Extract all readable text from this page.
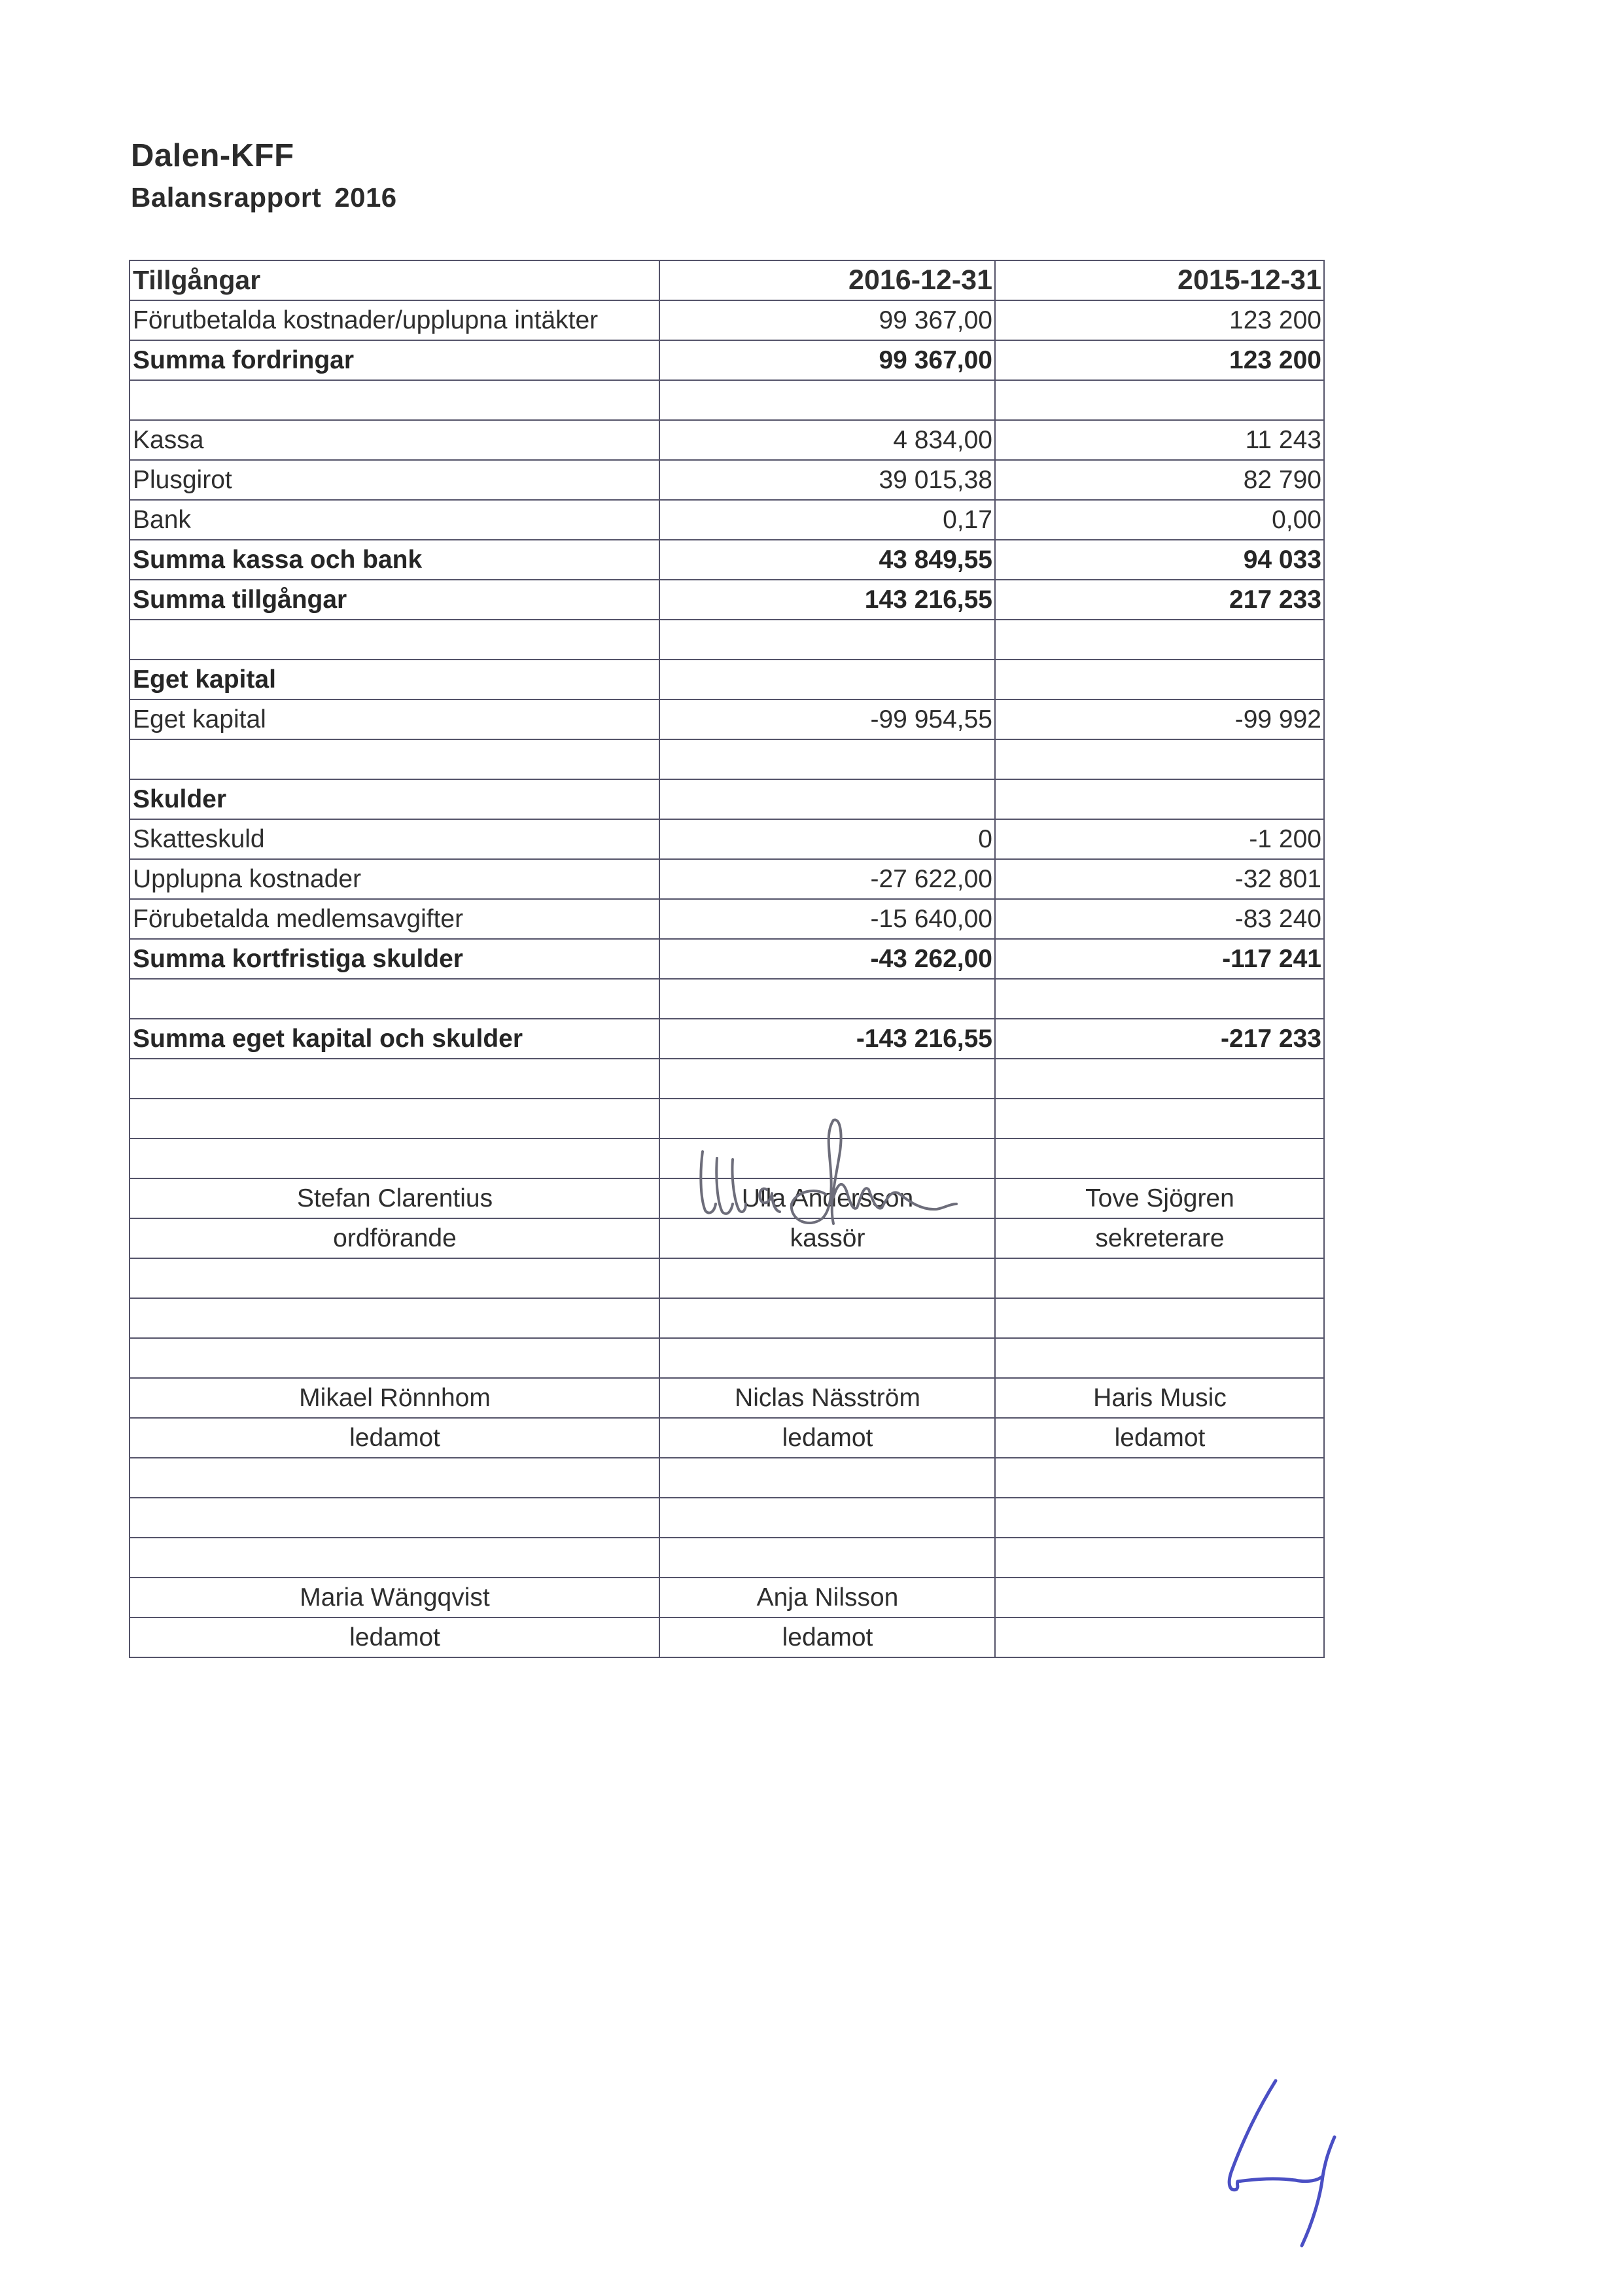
Dalen-KFF
Balansrapport 2016
Tillgångar	2016-12-31	2015-12-31
Förutbetalda kostnader/upplupna intäkter	99 367,00	123 200
Summa fordringar	99 367,00	123 200

Kassa	4 834,00	11 243
Plusgirot	39 015,38	82 790
Bank	0,17	0,00
Summa kassa och bank	43 849,55	94 033
Summa tillgångar	143 216,55	217 233

Eget kapital		
Eget kapital	-99 954,55	-99 992

Skulder		
Skatteskuld	0	-1 200
Upplupna kostnader	-27 622,00	-32 801
Förubetalda medlemsavgifter	-15 640,00	-83 240
Summa kortfristiga skulder	-43 262,00	-117 241

Summa eget kapital och skulder	-143 216,55	-217 233

Stefan Clarentius	Ulla Andersson	Tove Sjögren
ordförande	kassör	sekreterare

Mikael Rönnhom	Niclas Näsström	Haris Music
ledamot	ledamot	ledamot

Maria Wängqvist	Anja Nilsson	
ledamot	ledamot	
